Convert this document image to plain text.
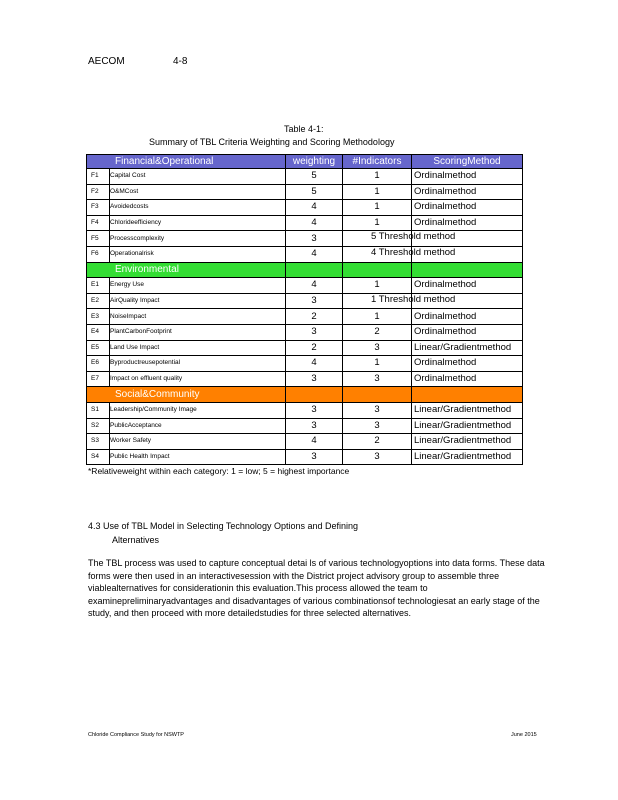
AECOM	4-8
Table 4-1:
Summary of TBL Criteria Weighting and Scoring Methodology
Financial&Operational		weighting	#Indicators	ScoringMethod
F1	Capital Cost	5	1	Ordinalmethod
F2	O&MCost	5	1	Ordinalmethod
F3	Avoidedcosts	4	1	Ordinalmethod
F4	Chlorideefficiency	4	1	Ordinalmethod
F5	Processcomplexity	3	5 Threshold method	

F6	Operationalrisk	4	4 Threshold method	

Environmental				
E1	Energy Use	4	1	Ordinalmethod
E2	AirQuality Impact	3	1 Threshold method	

E3	NoiseImpact	2	1	Ordinalmethod
E4	PlantCarbonFootprint	3	2	Ordinalmethod
E5	Land Use Impact	2	3	Linear/Gradientmethod
E6	Byproductreusepotential	4	1	Ordinalmethod
E7	Impact on effluent quality	3	3	Ordinalmethod
Social&Community				
S1	Leadership/Community Image	3	3	Linear/Gradientmethod
S2	PublicAcceptance	3	3	Linear/Gradientmethod
S3	Worker Safety	4	2	Linear/Gradientmethod
S4	Public Health Impact	3	3	Linear/Gradientmethod
*Relativeweight within each category: 1 = low; 5 = highest importance
4.3 Use of TBL Model in Selecting Technology Options and Defining
Alternatives
The TBL process was used to capture conceptual detai ls of various technologyoptions into data forms. These data forms were then used in an interactivesession with the District project advisory group to assemble three viablealternatives for considerationin this evaluation.This process allowed the team to examinepreliminaryadvantages and disadvantages of various combinationsof technologiesat an early stage of the study, and then proceed with more detailedstudies for three selected alternatives.
Chloride Compliance Study for NSWTP	June 2015
